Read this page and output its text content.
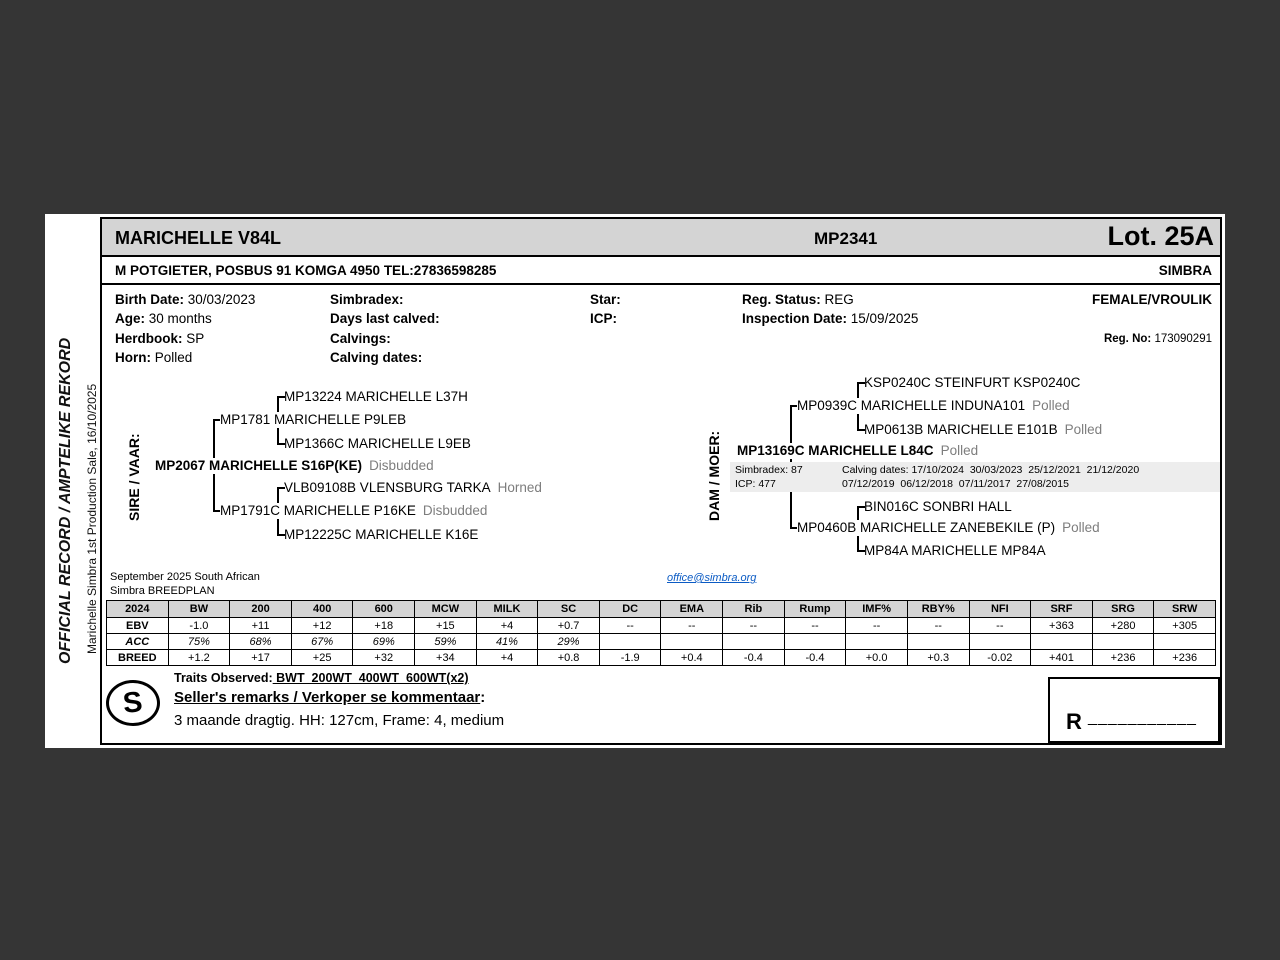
OFFICIAL RECORD / AMPTELIKE REKORD Marichelle Simbra 1st Production Sale, 16/10/2025
MARICHELLE V84L	MP2341	Lot. 25A
M POTGIETER, POSBUS 91 KOMGA 4950 TEL:27836598285	SIMBRA
Birth Date: 30/03/2023	Simbradex:	Star:	Reg. Status: REG	FEMALE/VROULIK
Age: 30 months	Days last calved:	ICP:	Inspection Date: 15/09/2025
Herdbook: SP	Calvings:	Reg. No: 173090291
Horn: Polled	Calving dates:
SIRE / VAAR:	DAM / MOER:
MP13224 MARICHELLE L37H
MP1781 MARICHELLE P9LEB
MP1366C MARICHELLE L9EB
MP2067 MARICHELLE S16P(KE) Disbudded
VLB09108B VLENSBURG TARKA Horned
MP1791C MARICHELLE P16KE Disbudded
MP12225C MARICHELLE K16E
KSP0240C STEINFURT KSP0240C
MP0939C MARICHELLE INDUNA101 Polled
MP0613B MARICHELLE E101B Polled
MP13169C MARICHELLE L84C Polled
BIN016C SONBRI HALL
MP0460B MARICHELLE ZANEBEKILE (P) Polled
MP84A MARICHELLE MP84A
Simbradex: 87
ICP: 477
Calving dates: 17/10/2024  30/03/2023  25/12/2021  21/12/2020
07/12/2019  06/12/2018  07/11/2017  27/08/2015
September 2025 South African
Simbra BREEDPLAN
office@simbra.org
2024	BW	200	400	600	MCW	MILK	SC	DC	EMA	Rib	Rump	IMF%	RBY%	NFI	SRF	SRG	SRW
EBV	-1.0	+11	+12	+18	+15	+4	+0.7	--	--	--	--	--	--	--	+363	+280	+305
ACC	75%	68%	67%	69%	59%	41%	29%										
BREED	+1.2	+17	+25	+32	+34	+4	+0.8	-1.9	+0.4	-0.4	-0.4	+0.0	+0.3	-0.02	+401	+236	+236
S
Traits Observed: BWT  200WT  400WT  600WT(x2)
Seller's remarks / Verkoper se kommentaar:
3 maande dragtig. HH: 127cm, Frame: 4, medium	R ___________
